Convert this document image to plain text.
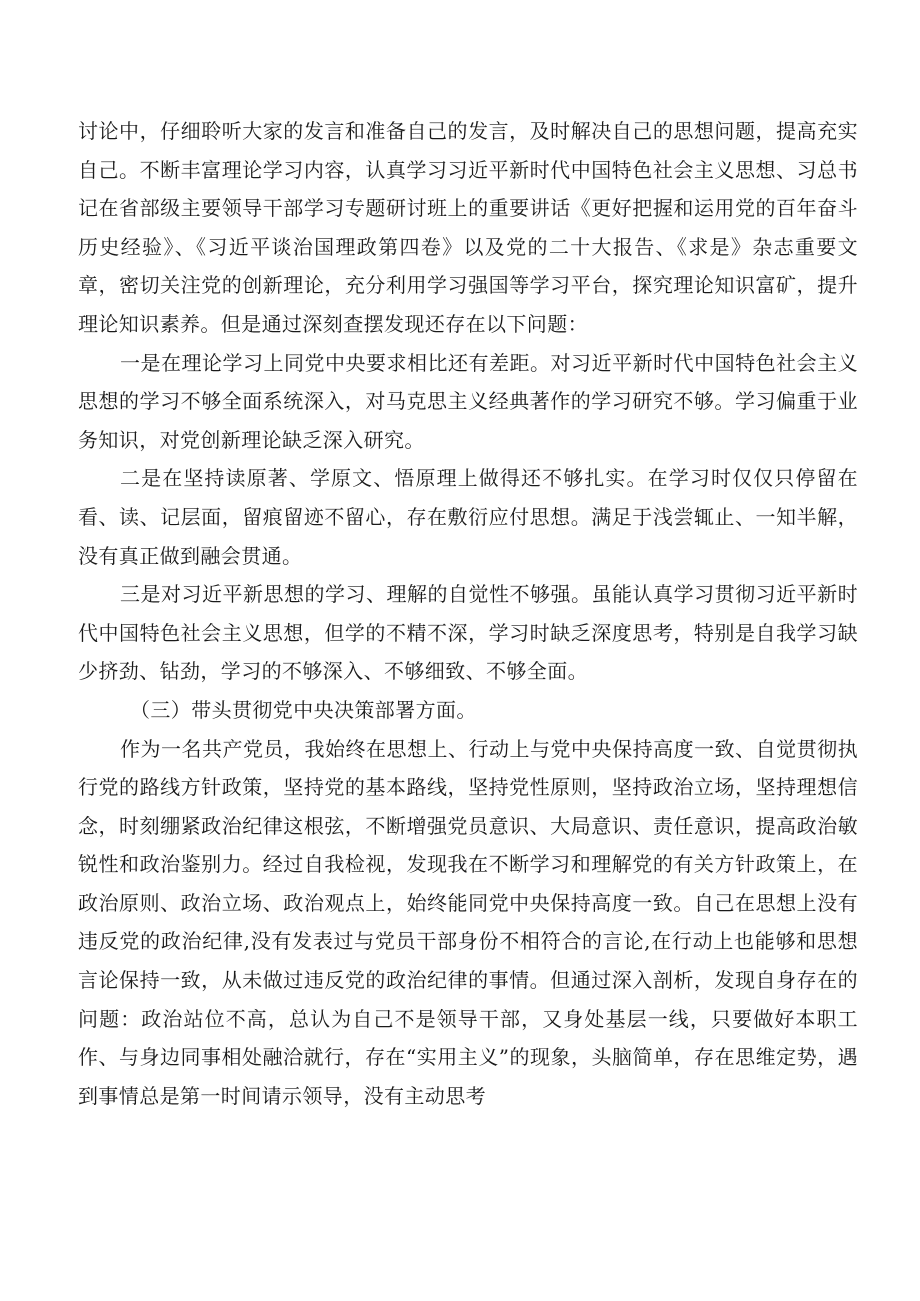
讨论中，仔细聆听大家的发言和准备自己的发言，及时解决自己的思想问题，提高充实自己。不断丰富理论学习内容，认真学习习近平新时代中国特色社会主义思想、习总书记在省部级主要领导干部学习专题研讨班上的重要讲话《更好把握和运用党的百年奋斗历史经验》、《习近平谈治国理政第四卷》以及党的二十大报告、《求是》杂志重要文章，密切关注党的创新理论，充分利用学习强国等学习平台，探究理论知识富矿，提升理论知识素养。但是通过深刻查摆发现还存在以下问题：

一是在理论学习上同党中央要求相比还有差距。对习近平新时代中国特色社会主义思想的学习不够全面系统深入，对马克思主义经典著作的学习研究不够。学习偏重于业务知识，对党创新理论缺乏深入研究。

二是在坚持读原著、学原文、悟原理上做得还不够扎实。在学习时仅仅只停留在看、读、记层面，留痕留迹不留心，存在敷衍应付思想。满足于浅尝辄止、一知半解，没有真正做到融会贯通。

三是对习近平新思想的学习、理解的自觉性不够强。虽能认真学习贯彻习近平新时代中国特色社会主义思想，但学的不精不深，学习时缺乏深度思考，特别是自我学习缺少挤劲、钻劲，学习的不够深入、不够细致、不够全面。

（三）带头贯彻党中央决策部署方面。

作为一名共产党员，我始终在思想上、行动上与党中央保持高度一致、自觉贯彻执行党的路线方针政策，坚持党的基本路线，坚持党性原则，坚持政治立场，坚持理想信念，时刻绷紧政治纪律这根弦，不断增强党员意识、大局意识、责任意识，提高政治敏锐性和政治鉴别力。经过自我检视，发现我在不断学习和理解党的有关方针政策上，在政治原则、政治立场、政治观点上，始终能同党中央保持高度一致。自己在思想上没有违反党的政治纪律,没有发表过与党员干部身份不相符合的言论,在行动上也能够和思想言论保持一致，从未做过违反党的政治纪律的事情。但通过深入剖析，发现自身存在的问题：政治站位不高，总认为自己不是领导干部，又身处基层一线，只要做好本职工作、与身边同事相处融洽就行，存在“实用主义”的现象，头脑简单，存在思维定势，遇到事情总是第一时间请示领导，没有主动思考
